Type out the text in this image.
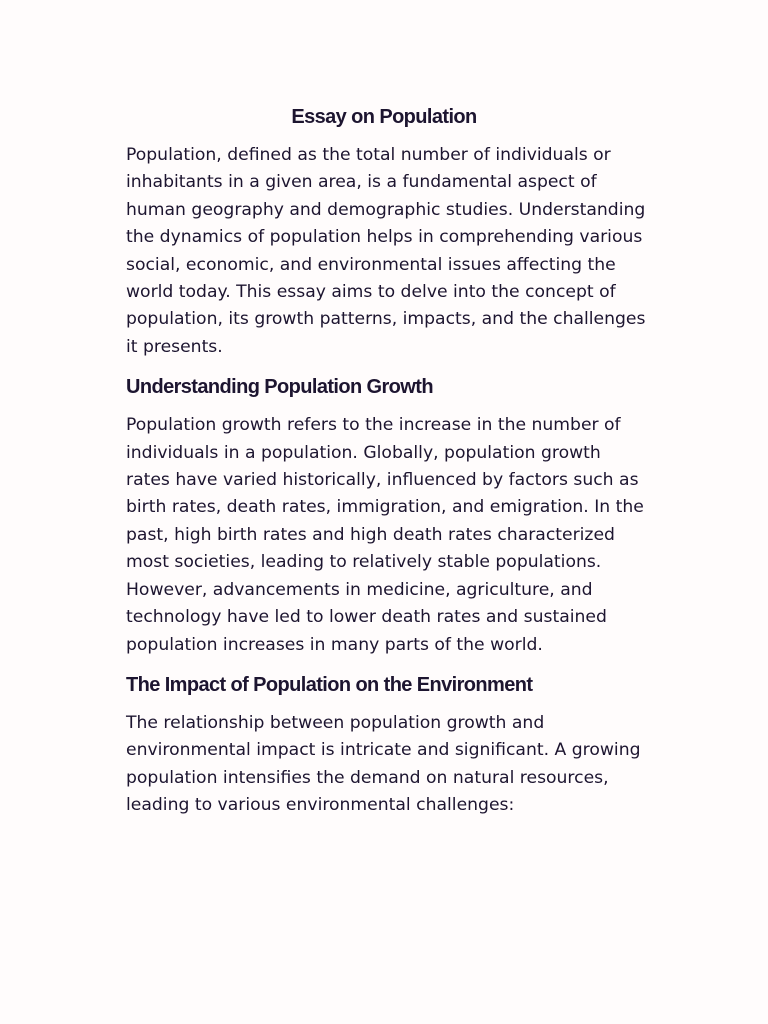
Essay on Population

Population, defined as the total number of individuals or inhabitants in a given area, is a fundamental aspect of human geography and demographic studies. Understanding the dynamics of population helps in comprehending various social, economic, and environmental issues affecting the world today. This essay aims to delve into the concept of population, its growth patterns, impacts, and the challenges it presents.

Understanding Population Growth

Population growth refers to the increase in the number of individuals in a population. Globally, population growth rates have varied historically, influenced by factors such as birth rates, death rates, immigration, and emigration. In the past, high birth rates and high death rates characterized most societies, leading to relatively stable populations. However, advancements in medicine, agriculture, and technology have led to lower death rates and sustained population increases in many parts of the world.

The Impact of Population on the Environment

The relationship between population growth and environmental impact is intricate and significant. A growing population intensifies the demand on natural resources, leading to various environmental challenges:
